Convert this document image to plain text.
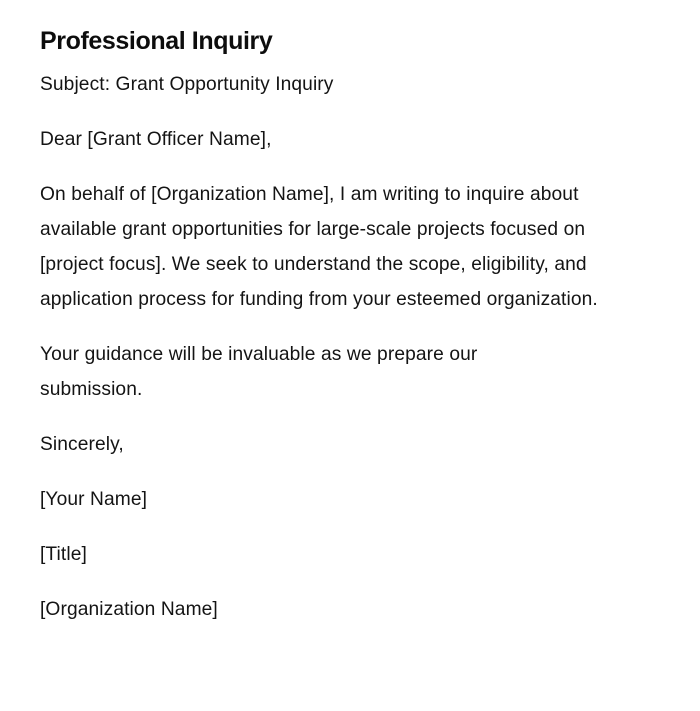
Professional Inquiry

Subject: Grant Opportunity Inquiry

Dear [Grant Officer Name],

On behalf of [Organization Name], I am writing to inquire about available grant opportunities for large-scale projects focused on [project focus]. We seek to understand the scope, eligibility, and application process for funding from your esteemed organization.

Your guidance will be invaluable as we prepare our submission.

Sincerely,

[Your Name]

[Title]

[Organization Name]
